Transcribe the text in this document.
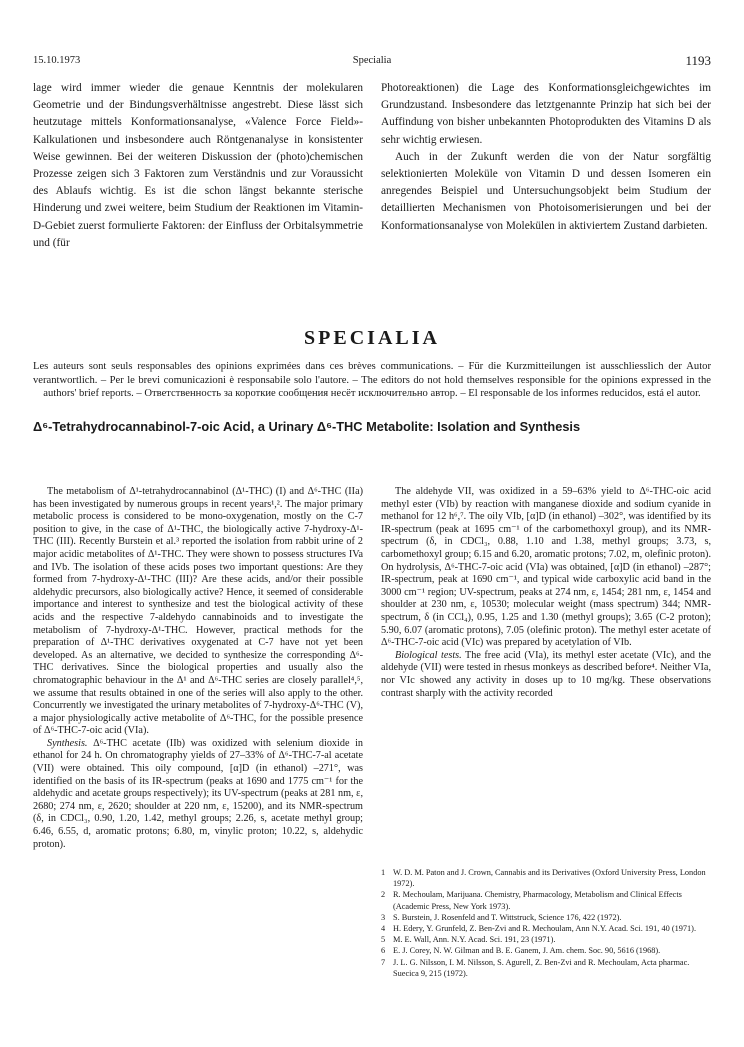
15.10.1973	Specialia	1193

lage wird immer wieder die genaue Kenntnis der molekularen Geometrie und der Bindungsverhältnisse angestrebt. Diese lässt sich heutzutage mittels Konformationsanalyse, «Valence Force Field»-Kalkulationen und insbesondere auch Röntgenanalyse in konsistenter Weise gewinnen. Bei der weiteren Diskussion der (photo)chemischen Prozesse zeigen sich 3 Faktoren zum Verständnis und zur Voraussicht des Ablaufs wichtig. Es ist die schon längst bekannte sterische Hinderung und zwei weitere, beim Studium der Reaktionen im Vitamin-D-Gebiet zuerst formulierte Faktoren: der Einfluss der Orbitalsymmetrie und (für

Photoreaktionen) die Lage des Konformationsgleichgewichtes im Grundzustand. Insbesondere das letztgenannte Prinzip hat sich bei der Auffindung von bisher unbekannten Photoprodukten des Vitamins D als sehr wichtig erwiesen.

Auch in der Zukunft werden die von der Natur sorgfältig selektionierten Moleküle von Vitamin D und dessen Isomeren ein anregendes Beispiel und Untersuchungsobjekt beim Studium der detaillierten Mechanismen von Photoisomerisierungen und bei der Konformationsanalyse von Molekülen in aktiviertem Zustand darbieten.

SPECIALIA
Les auteurs sont seuls responsables des opinions exprimées dans ces brèves communications. – Für die Kurzmitteilungen ist ausschliesslich der Autor verantwortlich. – Per le brevi comunicazioni è responsabile solo l'autore. – The editors do not hold themselves responsible for the opinions expressed in the authors' brief reports. – Ответственность за короткие сообщения несёт исключительно автор. – El responsable de los informes reducidos, está el autor.
Δ⁶-Tetrahydrocannabinol-7-oic Acid, a Urinary Δ⁶-THC Metabolite: Isolation and Synthesis

The metabolism of Δ¹-tetrahydrocannabinol (Δ¹-THC) (I) and Δ⁶-THC (IIa) has been investigated by numerous groups in recent years¹,². The major primary metabolic process is considered to be mono-oxygenation, mostly on the C-7 position to give, in the case of Δ¹-THC, the biologically active 7-hydroxy-Δ¹-THC (III). Recently Burstein et al.³ reported the isolation from rabbit urine of 2 major acidic metabolites of Δ¹-THC. They were shown to possess structures IVa and IVb. The isolation of these acids poses two important questions: Are they formed from 7-hydroxy-Δ¹-THC (III)? Are these acids, and/or their possible aldehydic precursors, also biologically active? Hence, it seemed of considerable importance and interest to synthesize and test the biological activity of these acids and the respective 7-aldehydo cannabinoids and to investigate the metabolism of 7-hydroxy-Δ¹-THC. However, practical methods for the preparation of Δ¹-THC derivatives oxygenated at C-7 have not yet been developed. As an alternative, we decided to synthesize the corresponding Δ⁶-THC derivatives. Since the biological properties and usually also the chromatographic behaviour in the Δ¹ and Δ⁶-THC series are closely parallel⁴,⁵, we assume that results obtained in one of the series will also apply to the other. Concurrently we investigated the urinary metabolites of 7-hydroxy-Δ⁶-THC (V), a major physiologically active metabolite of Δ⁶-THC, for the possible presence of Δ⁶-THC-7-oic acid (VIa).

Synthesis. Δ⁶-THC acetate (IIb) was oxidized with selenium dioxide in ethanol for 24 h. On chromatography yields of 27–33% of Δ⁶-THC-7-al acetate (VII) were obtained. This oily compound, [α]D (in ethanol) –271°, was identified on the basis of its IR-spectrum (peaks at 1690 and 1775 cm⁻¹ for the aldehydic and acetate groups respectively); its UV-spectrum (peaks at 281 nm, ε, 2680; 274 nm, ε, 2620; shoulder at 220 nm, ε, 15200), and its NMR-spectrum (δ, in CDCl₃, 0.90, 1.20, 1.42, methyl groups; 2.26, s, acetate methyl group; 6.46, 6.55, d, aromatic protons; 6.80, m, vinylic proton; 10.22, s, aldehydic proton).

The aldehyde VII, was oxidized in a 59–63% yield to Δ⁶-THC-oic acid methyl ester (VIb) by reaction with manganese dioxide and sodium cyanide in methanol for 12 h⁶,⁷. The oily VIb, [α]D (in ethanol) –302°, was identified by its IR-spectrum (peak at 1695 cm⁻¹ of the carbomethoxyl group), and its NMR-spectrum (δ, in CDCl₃, 0.88, 1.10 and 1.38, methyl groups; 3.73, s, carbomethoxyl group; 6.15 and 6.20, aromatic protons; 7.02, m, olefinic proton). On hydrolysis, Δ⁶-THC-7-oic acid (VIa) was obtained, [α]D (in ethanol) –287°; IR-spectrum, peak at 1690 cm⁻¹, and typical wide carboxylic acid band in the 3000 cm⁻¹ region; UV-spectrum, peaks at 274 nm, ε, 1454; 281 nm, ε, 1454 and shoulder at 230 nm, ε, 10530; molecular weight (mass spectrum) 344; NMR-spectrum, δ (in CCl₄), 0.95, 1.25 and 1.30 (methyl groups); 3.65 (C-2 proton); 5.90, 6.07 (aromatic protons), 7.05 (olefinic proton). The methyl ester acetate of Δ⁶-THC-7-oic acid (VIc) was prepared by acetylation of VIb.

Biological tests. The free acid (VIa), its methyl ester acetate (VIc), and the aldehyde (VII) were tested in rhesus monkeys as described before⁴. Neither VIa, nor VIc showed any activity in doses up to 10 mg/kg. These observations contrast sharply with the activity recorded

1 W. D. M. Paton and J. Crown, Cannabis and its Derivatives (Oxford University Press, London 1972).

2 R. Mechoulam, Marijuana. Chemistry, Pharmacology, Metabolism and Clinical Effects (Academic Press, New York 1973).

3 S. Burstein, J. Rosenfeld and T. Wittstruck, Science 176, 422 (1972).

4 H. Edery, Y. Grunfeld, Z. Ben-Zvi and R. Mechoulam, Ann N.Y. Acad. Sci. 191, 40 (1971).

5 M. E. Wall, Ann. N.Y. Acad. Sci. 191, 23 (1971).

6 E. J. Corey, N. W. Gilman and B. E. Ganem, J. Am. chem. Soc. 90, 5616 (1968).

7 J. L. G. Nilsson, I. M. Nilsson, S. Agurell, Z. Ben-Zvi and R. Mechoulam, Acta pharmac. Suecica 9, 215 (1972).
